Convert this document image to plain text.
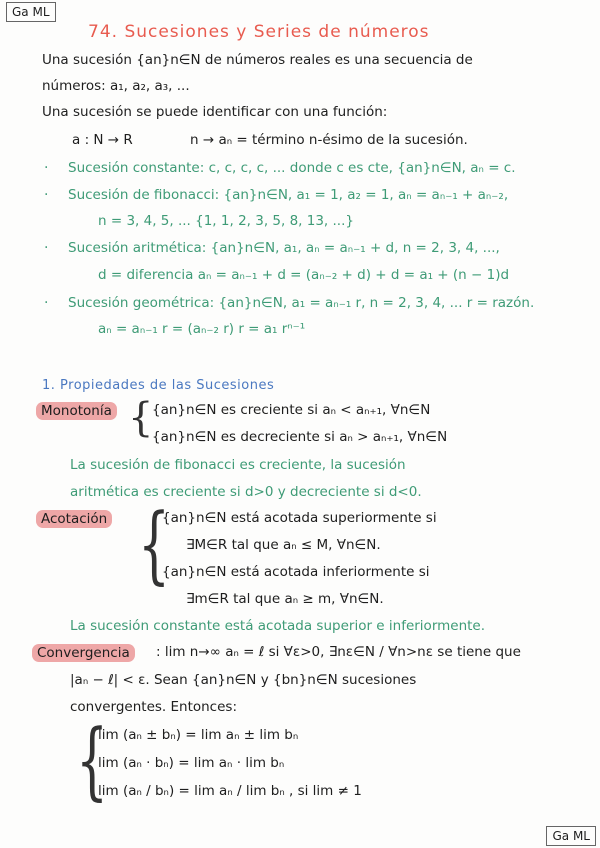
Ga ML
74. Sucesiones y Series de números
Una sucesión {an}n∈N de números reales es una secuencia de
números: a₁, a₂, a₃, ...
Una sucesión se puede identificar con una función:
a : N → R	n → aₙ = término n-ésimo de la sucesión.
· Sucesión constante: c, c, c, c, ... donde c es cte, {an}n∈N, aₙ = c.
· Sucesión de fibonacci: {an}n∈N, a₁ = 1, a₂ = 1, aₙ = aₙ₋₁ + aₙ₋₂,
n = 3, 4, 5, ... {1, 1, 2, 3, 5, 8, 13, ...}
· Sucesión aritmética: {an}n∈N, a₁, aₙ = aₙ₋₁ + d, n = 2, 3, 4, ...,
d = diferencia aₙ = aₙ₋₁ + d = (aₙ₋₂ + d) + d = a₁ + (n − 1)d
· Sucesión geométrica: {an}n∈N, a₁ = aₙ₋₁ r, n = 2, 3, 4, ... r = razón.
aₙ = aₙ₋₁ r = (aₙ₋₂ r) r = a₁ rⁿ⁻¹
1. Propiedades de las Sucesiones
Monotonía {
{an}n∈N es creciente si aₙ < aₙ₊₁, ∀n∈N
{an}n∈N es decreciente si aₙ > aₙ₊₁, ∀n∈N
La sucesión de fibonacci es creciente, la sucesión
aritmética es creciente si d>0 y decreciente si d<0.
Acotación {
{an}n∈N está acotada superiormente si
∃M∈R tal que aₙ ≤ M, ∀n∈N.
{an}n∈N está acotada inferiormente si
∃m∈R tal que aₙ ≥ m, ∀n∈N.
La sucesión constante está acotada superior e inferiormente.
Convergencia	: lim n→∞ aₙ = ℓ si ∀ε>0, ∃nε∈N / ∀n>nε se tiene que
|aₙ − ℓ| < ε. Sean {an}n∈N y {bn}n∈N sucesiones
convergentes. Entonces:
{
lim (aₙ ± bₙ) = lim aₙ ± lim bₙ
lim (aₙ · bₙ) = lim aₙ · lim bₙ
lim (aₙ / bₙ) = lim aₙ / lim bₙ , si lim ≠ 1
Ga ML
